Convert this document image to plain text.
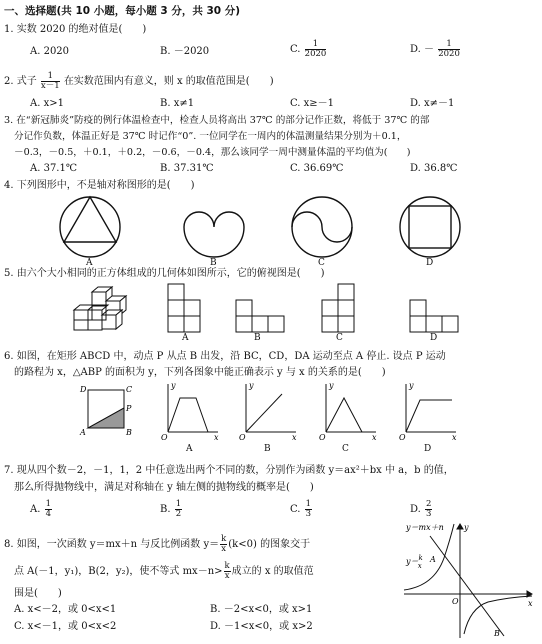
一、选择题(共 10 小题，每小题 3 分，共 30 分)
1. 实数 2020 的绝对值是(　　)
A. 2020	B. －2020	C. $\frac{1}{2020}$	D. － $\frac{1}{2020}$
2. 式子 $\frac{1}{x-1}$ 在实数范围内有意义，则 x 的取值范围是(　　)
A. x>1	B. x≠1	C. x≥－1	D. x≠－1
3. 在“新冠肺炎”防疫的例行体温检查中，检查人员将高出 37℃ 的部分记作正数，将低于 37℃ 的部
分记作负数，体温正好是 37℃ 时记作“0”. 一位同学在一周内的体温测量结果分别为＋0.1，
－0.3，－0.5，＋0.1，＋0.2，－0.6，－0.4，那么该同学一周中测量体温的平均值为(　　)
A. 37.1℃	B. 37.31℃	C. 36.69℃	D. 36.8℃
4. 下列图形中，不是轴对称图形的是(　　)
A	B	C	D
5. 由六个大小相同的正方体组成的几何体如图所示，它的俯视图是(　　)
A	B	C	D
6. 如图，在矩形 ABCD 中，动点 P 从点 B 出发，沿 BC，CD，DA 运动至点 A 停止. 设点 P 运动
的路程为 x，△ABP 的面积为 y，下列各图象中能正确表示 y 与 x 的关系的是(　　)
D	C
P
A	B
O
y
x	O
y
x	O
y
x	O
y
x
A	B	C	D
7. 现从四个数－2，－1，1，2 中任意选出两个不同的数，分别作为函数 y＝ax²＋bx 中 a，b 的值，
那么所得抛物线中，满足对称轴在 y 轴左侧的抛物线的概率是(　　)
A. $\frac{1}{4}$	B. $\frac{1}{2}$	C. $\frac{1}{3}$	D. $\frac{2}{3}$
8. 如图，一次函数 y＝mx＋n 与反比例函数 $y= \frac{k}{x} (k<0)$ 的图象交于
点 A(－1，y₁)，B(2，y₂)，使不等式 $mx-n> \frac{k}{x}$ 成立的 x 的取值范
围是(　　)
A. x<－2，或 0<x<1	B. －2<x<0，或 x>1
C. x<－1，或 0<x<2	D. －1<x<0，或 x>2
y＝mx＋n
y＝k x
A
B
O	x
y
